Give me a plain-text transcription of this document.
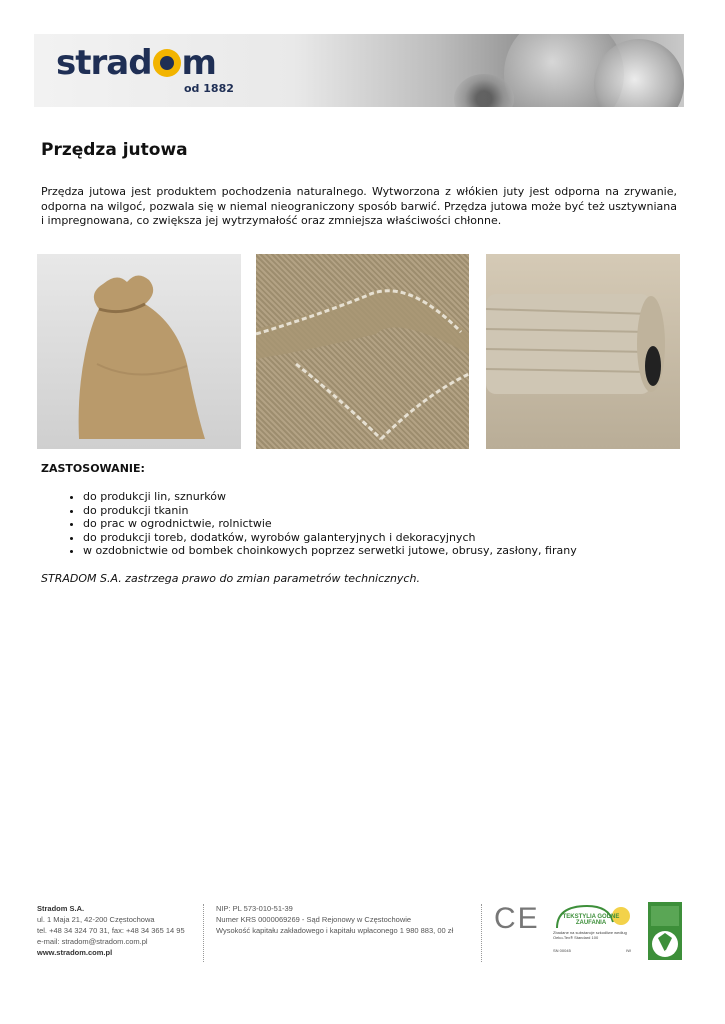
strad m
od 1882
Przędza jutowa

Przędza jutowa jest produktem pochodzenia naturalnego. Wytworzona z włókien juty jest odporna na zrywanie, odporna na wilgoć, pozwala się w niemal nieograniczony sposób barwić. Przędza jutowa może być też usztywniana i impregnowana, co zwiększa jej wytrzymałość oraz zmniejsza właściwości chłonne.

ZASTOSOWANIE:
• do produkcji lin, sznurków
• do produkcji tkanin
• do prac w ogrodnictwie, rolnictwie
• do produkcji toreb, dodatków, wyrobów galanteryjnych i dekoracyjnych
• w ozdobnictwie od bombek choinkowych poprzez serwetki jutowe, obrusy, zasłony, firany

STRADOM S.A. zastrzega prawo do zmian parametrów technicznych.

Stradom S.A.
ul. 1 Maja 21, 42-200 Częstochowa
tel. +48 34 324 70 31, fax: +48 34 365 14 95
e-mail: stradom@stradom.com.pl
www.stradom.com.pl
NIP: PL 573-010-51-39
Numer KRS 0000069269 - Sąd Rejonowy w Częstochowie
Wysokość kapitału zakładowego i kapitału wpłaconego 1 980 883, 00 zł CE	TEKSTYLIA GODNE ZAUFANIA
Zbadane na substancje szkodliwe według Oeko-Tex® Standard 100
SN 00045	IW	DEKRA
